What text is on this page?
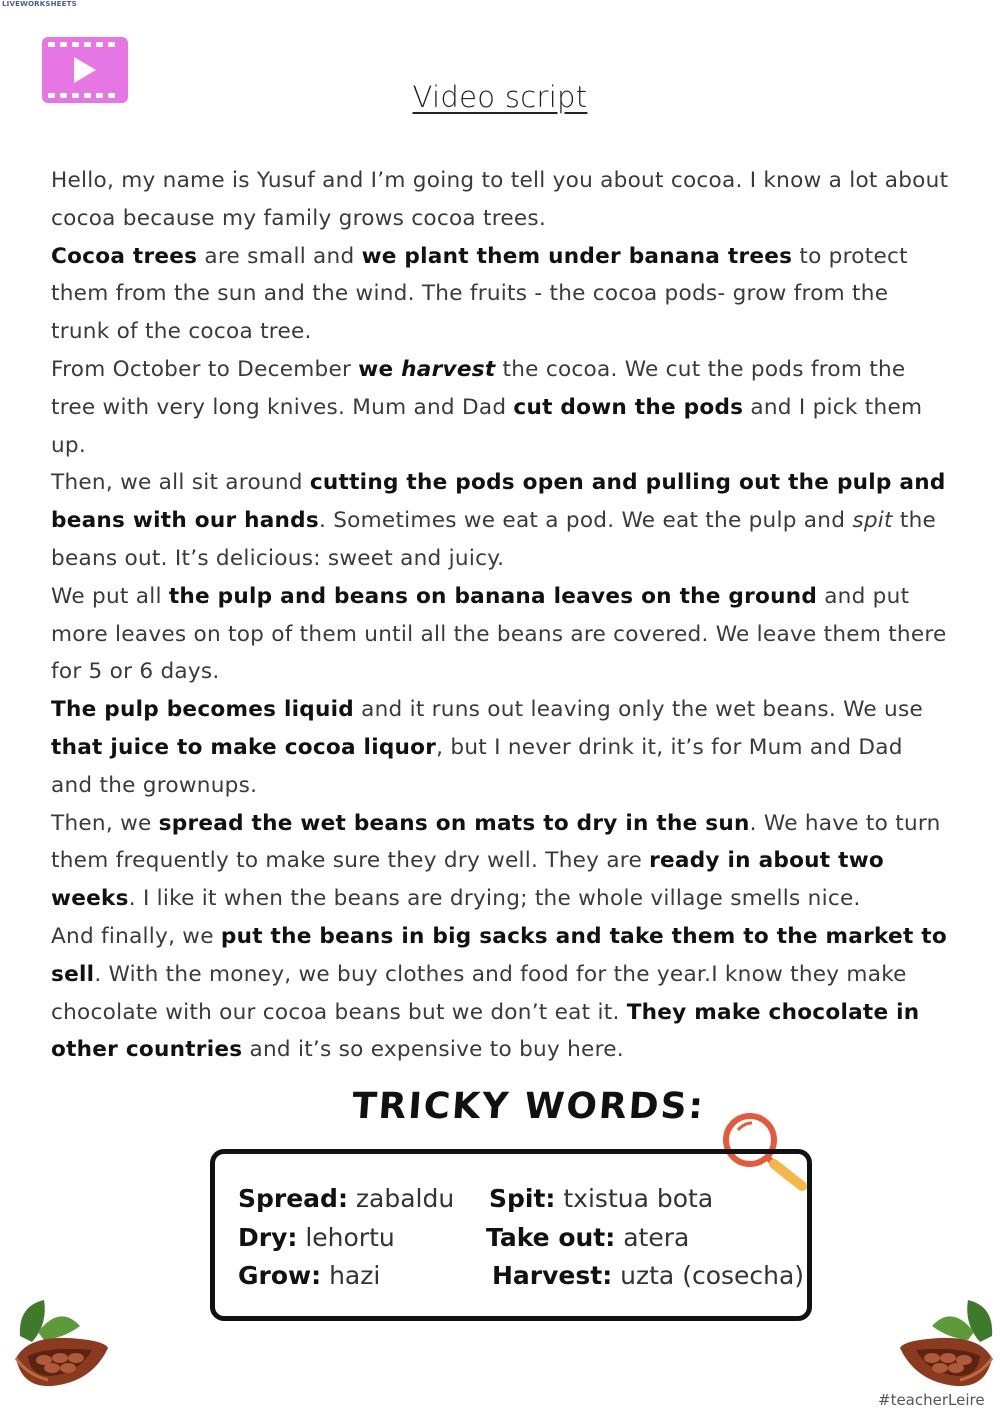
LIVEWORKSHEETS
Video script

Hello, my name is Yusuf and I’m going to tell you about cocoa. I know a lot about cocoa because my family grows cocoa trees.

Cocoa trees are small and we plant them under banana trees to protect them from the sun and the wind. The fruits - the cocoa pods- grow from the trunk of the cocoa tree.

From October to December we harvest the cocoa. We cut the pods from the tree with very long knives. Mum and Dad cut down the pods and I pick them up.

Then, we all sit around cutting the pods open and pulling out the pulp and beans with our hands. Sometimes we eat a pod. We eat the pulp and spit the beans out. It’s delicious: sweet and juicy.

We put all the pulp and beans on banana leaves on the ground and put more leaves on top of them until all the beans are covered. We leave them there for 5 or 6 days.

The pulp becomes liquid and it runs out leaving only the wet beans. We use that juice to make cocoa liquor, but I never drink it, it’s for Mum and Dad and the grownups.

Then, we spread the wet beans on mats to dry in the sun. We have to turn them frequently to make sure they dry well. They are ready in about two weeks. I like it when the beans are drying; the whole village smells nice.

And finally, we put the beans in big sacks and take them to the market to sell. With the money, we buy clothes and food for the year.I know they make chocolate with our cocoa beans but we don’t eat it. They make chocolate in other countries and it’s so expensive to buy here.

TRICKY WORDS:
Spread: zabaldu Spit: txistua bota
Dry: lehortu	Take out: atera
Grow: hazi	Harvest: uzta (cosecha)
#teacherLeire
